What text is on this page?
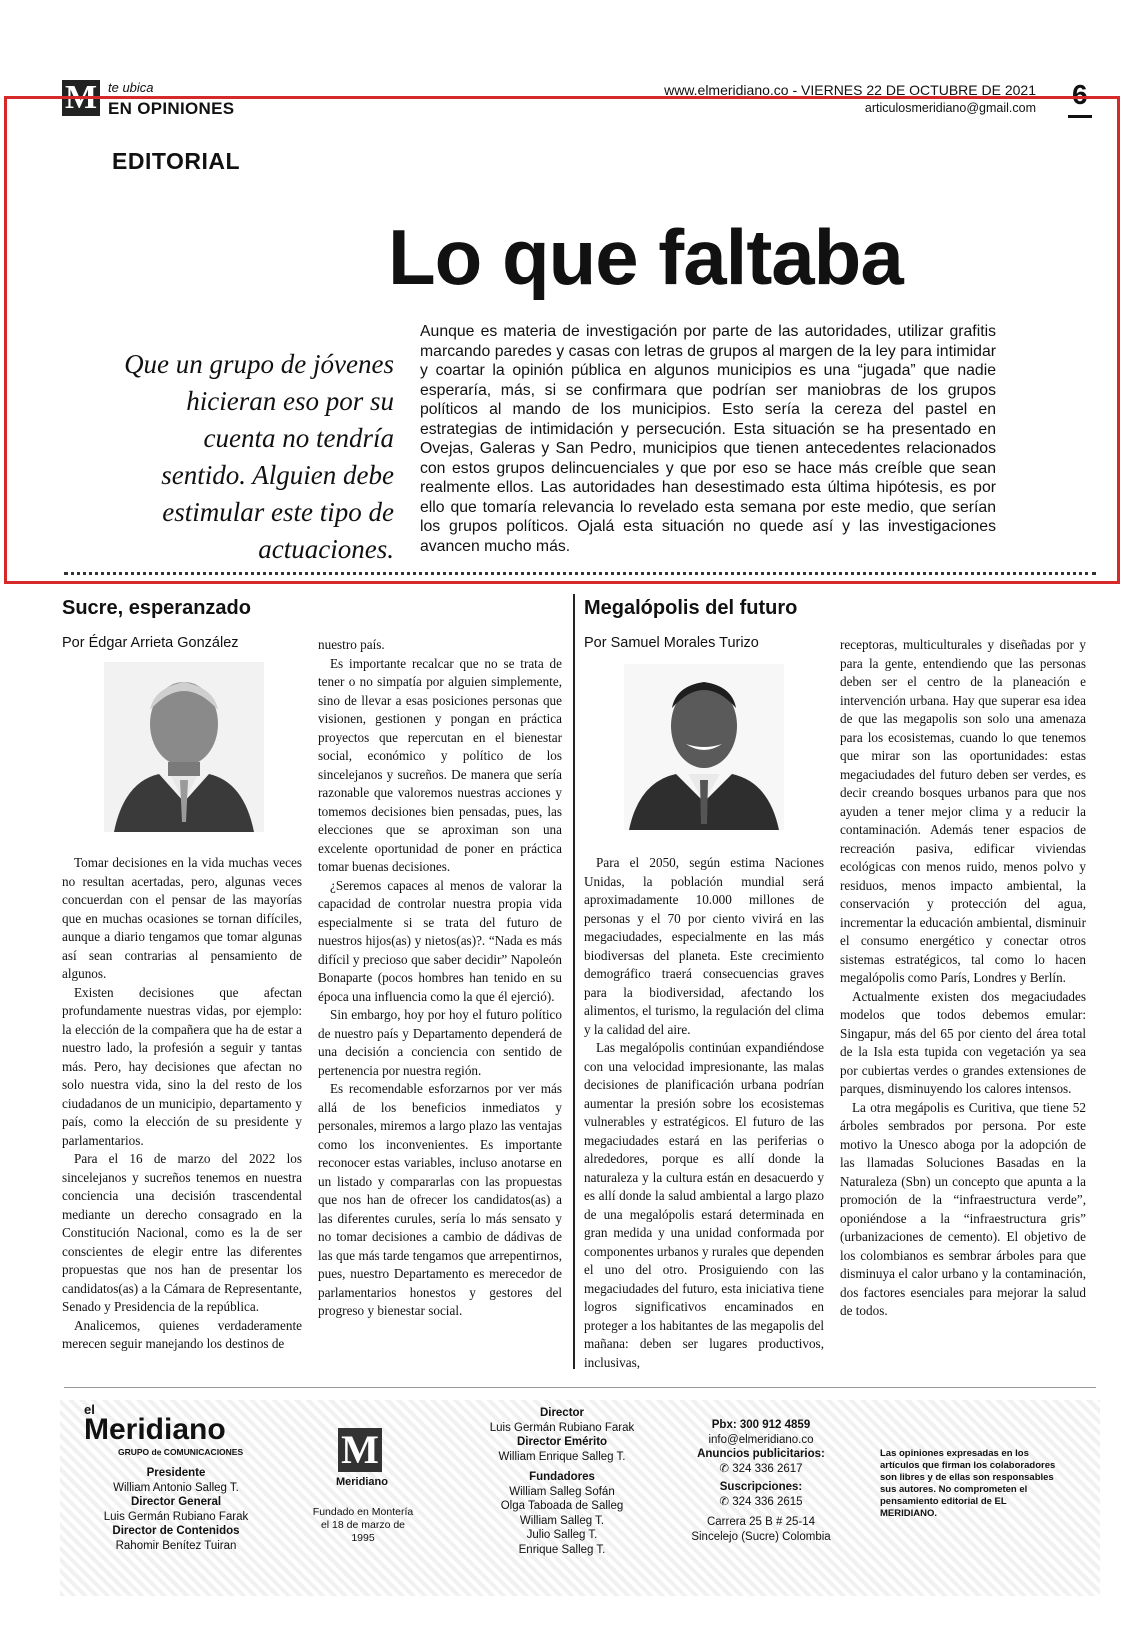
M te ubica
EN OPINIONES
www.elmeridiano.co - VIERNES 22 DE OCTUBRE DE 2021
articulosmeridiano@gmail.com 6
EDITORIAL
Lo que faltaba
Que un grupo de jóvenes hicieran eso por su cuenta no tendría sentido. Alguien debe estimular este tipo de actuaciones.
Aunque es materia de investigación por parte de las autoridades, utilizar grafitis marcando paredes y casas con letras de grupos al margen de la ley para intimidar y coartar la opinión pública en algunos municipios es una “jugada” que nadie esperaría, más, si se confirmara que podrían ser maniobras de los grupos políticos al mando de los municipios. Esto sería la cereza del pastel en estrategias de intimidación y persecución. Esta situación se ha presentado en Ovejas, Galeras y San Pedro, municipios que tienen antecedentes relacionados con estos grupos delincuenciales y que por eso se hace más creíble que sean realmente ellos. Las autoridades han desestimado esta última hipótesis, es por ello que tomaría relevancia lo revelado esta semana por este medio, que serían los grupos políticos. Ojalá esta situación no quede así y las investigaciones avancen mucho más.
Sucre, esperanzado
Por Édgar Arrieta González

Tomar decisiones en la vida muchas veces no resultan acertadas, pero, algunas veces concuerdan con el pensar de las mayorías que en muchas ocasiones se tornan difíciles, aunque a diario tengamos que tomar algunas así sean contrarias al pensamiento de algunos.

Existen decisiones que afectan profundamente nuestras vidas, por ejemplo: la elección de la compañera que ha de estar a nuestro lado, la profesión a seguir y tantas más. Pero, hay decisiones que afectan no solo nuestra vida, sino la del resto de los ciudadanos de un municipio, departamento y país, como la elección de su presidente y parlamentarios.

Para el 16 de marzo del 2022 los sincelejanos y sucreños tenemos en nuestra conciencia una decisión trascendental mediante un derecho consagrado en la Constitución Nacional, como es la de ser conscientes de elegir entre las diferentes propuestas que nos han de presentar los candidatos(as) a la Cámara de Representante, Senado y Presidencia de la república.

Analicemos, quienes verdaderamente merecen seguir manejando los destinos de

nuestro país.

Es importante recalcar que no se trata de tener o no simpatía por alguien simplemente, sino de llevar a esas posiciones personas que visionen, gestionen y pongan en práctica proyectos que repercutan en el bienestar social, económico y político de los sincelejanos y sucreños. De manera que sería razonable que valoremos nuestras acciones y tomemos decisiones bien pensadas, pues, las elecciones que se aproximan son una excelente oportunidad de poner en práctica tomar buenas decisiones.

¿Seremos capaces al menos de valorar la capacidad de controlar nuestra propia vida especialmente si se trata del futuro de nuestros hijos(as) y nietos(as)?. “Nada es más difícil y precioso que saber decidir” Napoleón Bonaparte (pocos hombres han tenido en su época una influencia como la que él ejerció).

Sin embargo, hoy por hoy el futuro político de nuestro país y Departamento dependerá de una decisión a conciencia con sentido de pertenencia por nuestra región.

Es recomendable esforzarnos por ver más allá de los beneficios inmediatos y personales, miremos a largo plazo las ventajas como los inconvenientes. Es importante reconocer estas variables, incluso anotarse en un listado y compararlas con las propuestas que nos han de ofrecer los candidatos(as) a las diferentes curules, sería lo más sensato y no tomar decisiones a cambio de dádivas de las que más tarde tengamos que arrepentirnos, pues, nuestro Departamento es merecedor de parlamentarios honestos y gestores del progreso y bienestar social.

Megalópolis del futuro
Por Samuel Morales Turizo

Para el 2050, según estima Naciones Unidas, la población mundial será aproximadamente 10.000 millones de personas y el 70 por ciento vivirá en las megaciudades, especialmente en las más biodiversas del planeta. Este crecimiento demográfico traerá consecuencias graves para la biodiversidad, afectando los alimentos, el turismo, la regulación del clima y la calidad del aire.

Las megalópolis continúan expandiéndose con una velocidad impresionante, las malas decisiones de planificación urbana podrían aumentar la presión sobre los ecosistemas vulnerables y estratégicos. El futuro de las megaciudades estará en las periferias o alrededores, porque es allí donde la naturaleza y la cultura están en desacuerdo y es allí donde la salud ambiental a largo plazo de una megalópolis estará determinada en gran medida y una unidad conformada por componentes urbanos y rurales que dependen el uno del otro. Prosiguiendo con las megaciudades del futuro, esta iniciativa tiene logros significativos encaminados en proteger a los habitantes de las megapolis del mañana: deben ser lugares productivos, inclusivas,

receptoras, multiculturales y diseñadas por y para la gente, entendiendo que las personas deben ser el centro de la planeación e intervención urbana. Hay que superar esa idea de que las megapolis son solo una amenaza para los ecosistemas, cuando lo que tenemos que mirar son las oportunidades: estas megaciudades del futuro deben ser verdes, es decir creando bosques urbanos para que nos ayuden a tener mejor clima y a reducir la contaminación. Además tener espacios de recreación pasiva, edificar viviendas ecológicas con menos ruido, menos polvo y residuos, menos impacto ambiental, la conservación y protección del agua, incrementar la educación ambiental, disminuir el consumo energético y conectar otros sistemas estratégicos, tal como lo hacen megalópolis como París, Londres y Berlín.

Actualmente existen dos megaciudades modelos que todos debemos emular: Singapur, más del 65 por ciento del área total de la Isla esta tupida con vegetación ya sea por cubiertas verdes o grandes extensiones de parques, disminuyendo los calores intensos.

La otra megápolis es Curitiva, que tiene 52 árboles sembrados por persona. Por este motivo la Unesco aboga por la adopción de las llamadas Soluciones Basadas en la Naturaleza (Sbn) un concepto que apunta a la promoción de la “infraestructura verde”, oponiéndose a la “infraestructura gris” (urbanizaciones de cemento). El objetivo de los colombianos es sembrar árboles para que disminuya el calor urbano y la contaminación, dos factores esenciales para mejorar la salud de todos.

el
Meridiano
GRUPO de COMUNICACIONES
Presidente
William Antonio Salleg T.
Director General
Luis Germán Rubiano Farak
Director de Contenidos
Rahomir Benítez Tuiran
M
Meridiano
Fundado en Montería el 18 de marzo de 1995
Director
Luis Germán Rubiano Farak
Director Emérito
William Enrique Salleg T.
Fundadores
William Salleg Sofán
Olga Taboada de Salleg
William Salleg T.
Julio Salleg T.
Enrique Salleg T.
Pbx: 300 912 4859
info@elmeridiano.co
Anuncios publicitarios:
✆ 324 336 2617
Suscripciones:
✆ 324 336 2615
Carrera 25 B # 25-14
Sincelejo (Sucre) Colombia
Las opiniones expresadas en los artículos que firman los colaboradores son libres y de ellas son responsables sus autores. No comprometen el pensamiento editorial de EL MERIDIANO.
